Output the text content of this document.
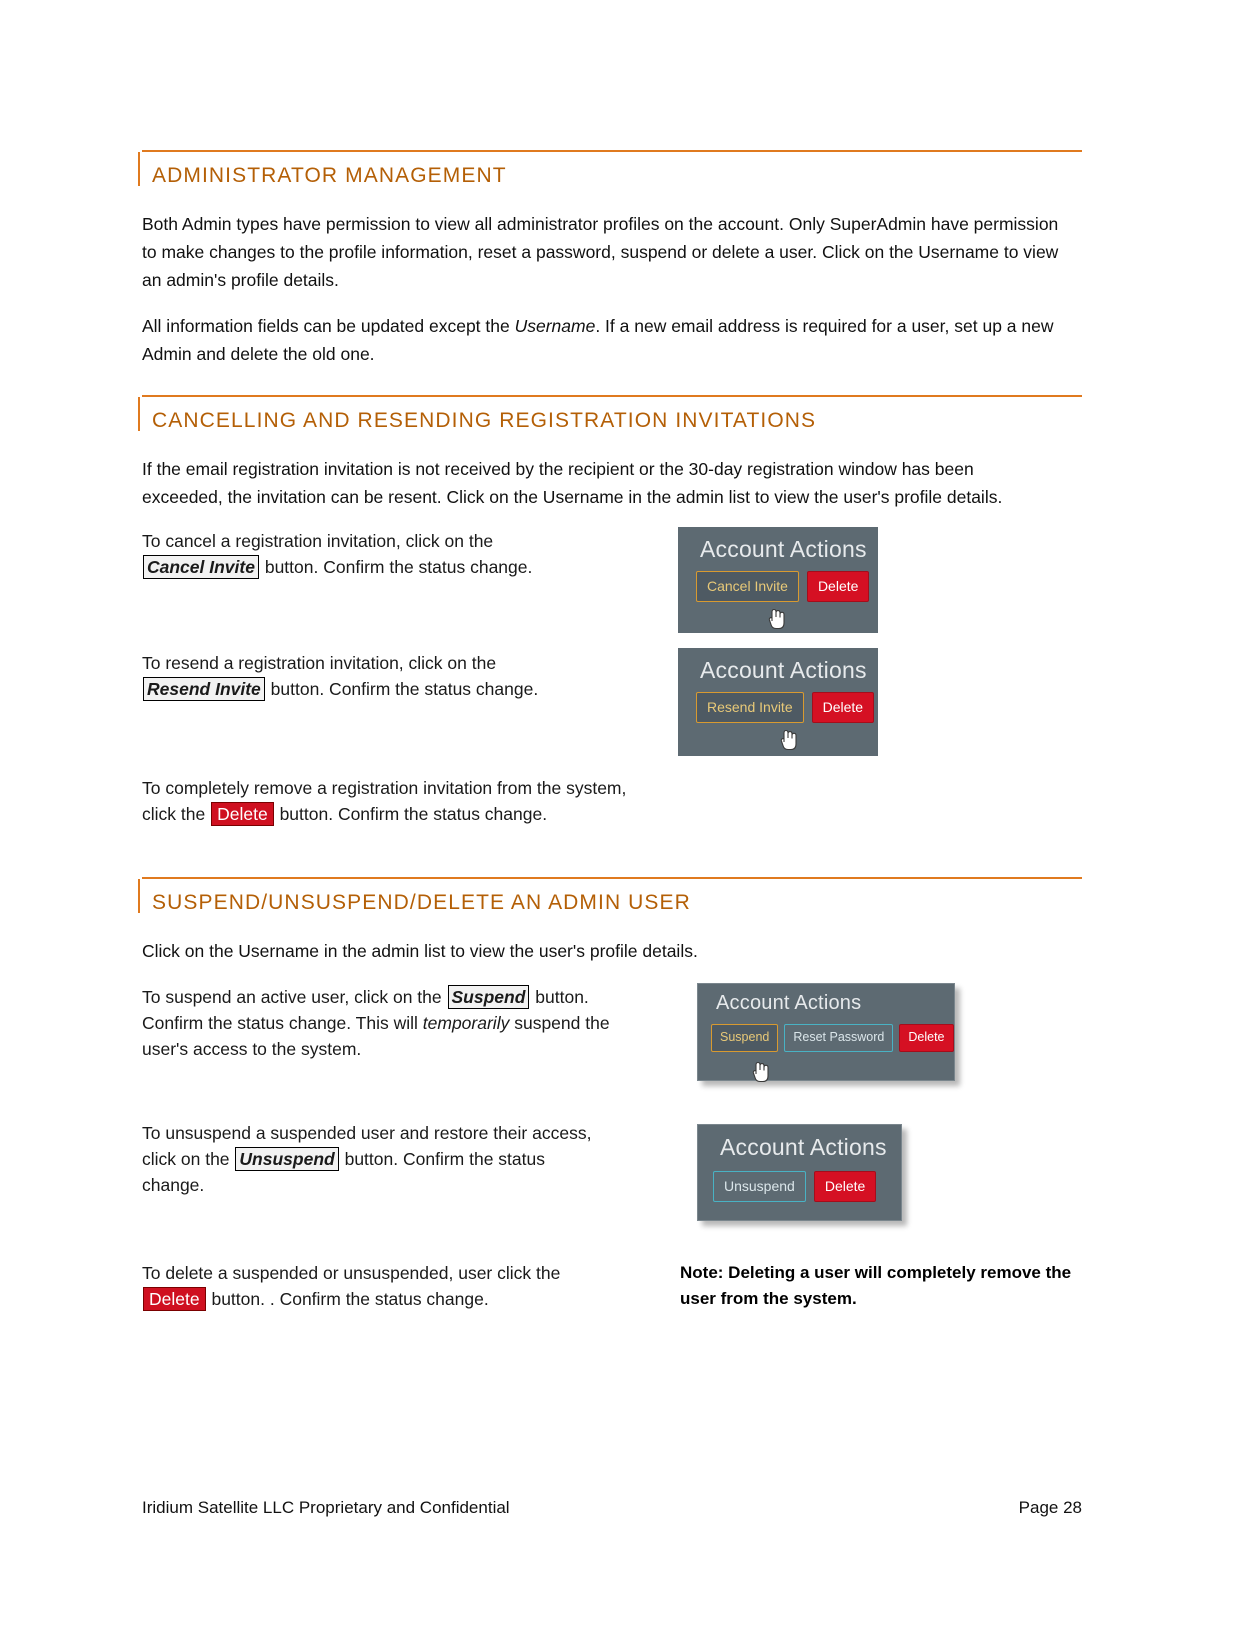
ADMINISTRATOR MANAGEMENT

Both Admin types have permission to view all administrator profiles on the account. Only SuperAdmin have permission to make changes to the profile information, reset a password, suspend or delete a user. Click on the Username to view an admin's profile details.

All information fields can be updated except the Username. If a new email address is required for a user, set up a new Admin and delete the old one.

CANCELLING AND RESENDING REGISTRATION INVITATIONS

If the email registration invitation is not received by the recipient or the 30-day registration window has been exceeded, the invitation can be resent. Click on the Username in the admin list to view the user's profile details.

To cancel a registration invitation, click on the
Cancel Invite button. Confirm the status change.
Account Actions
Cancel Invite	Delete
To resend a registration invitation, click on the
Resend Invite button. Confirm the status change.
Account Actions
Resend Invite	Delete
To completely remove a registration invitation from the system, click the Delete button. Confirm the status change.
SUSPEND/UNSUSPEND/DELETE AN ADMIN USER

Click on the Username in the admin list to view the user's profile details.

To suspend an active user, click on the Suspend button. Confirm the status change. This will temporarily suspend the user's access to the system.
Account Actions
Suspend	Reset Password	Delete
To unsuspend a suspended user and restore their access, click on the Unsuspend button. Confirm the status change.
Account Actions
Unsuspend	Delete
To delete a suspended or unsuspended, user click the
Delete button. . Confirm the status change.
Note: Deleting a user will completely remove the user from the system.
Iridium Satellite LLC Proprietary and Confidential	Page 28
